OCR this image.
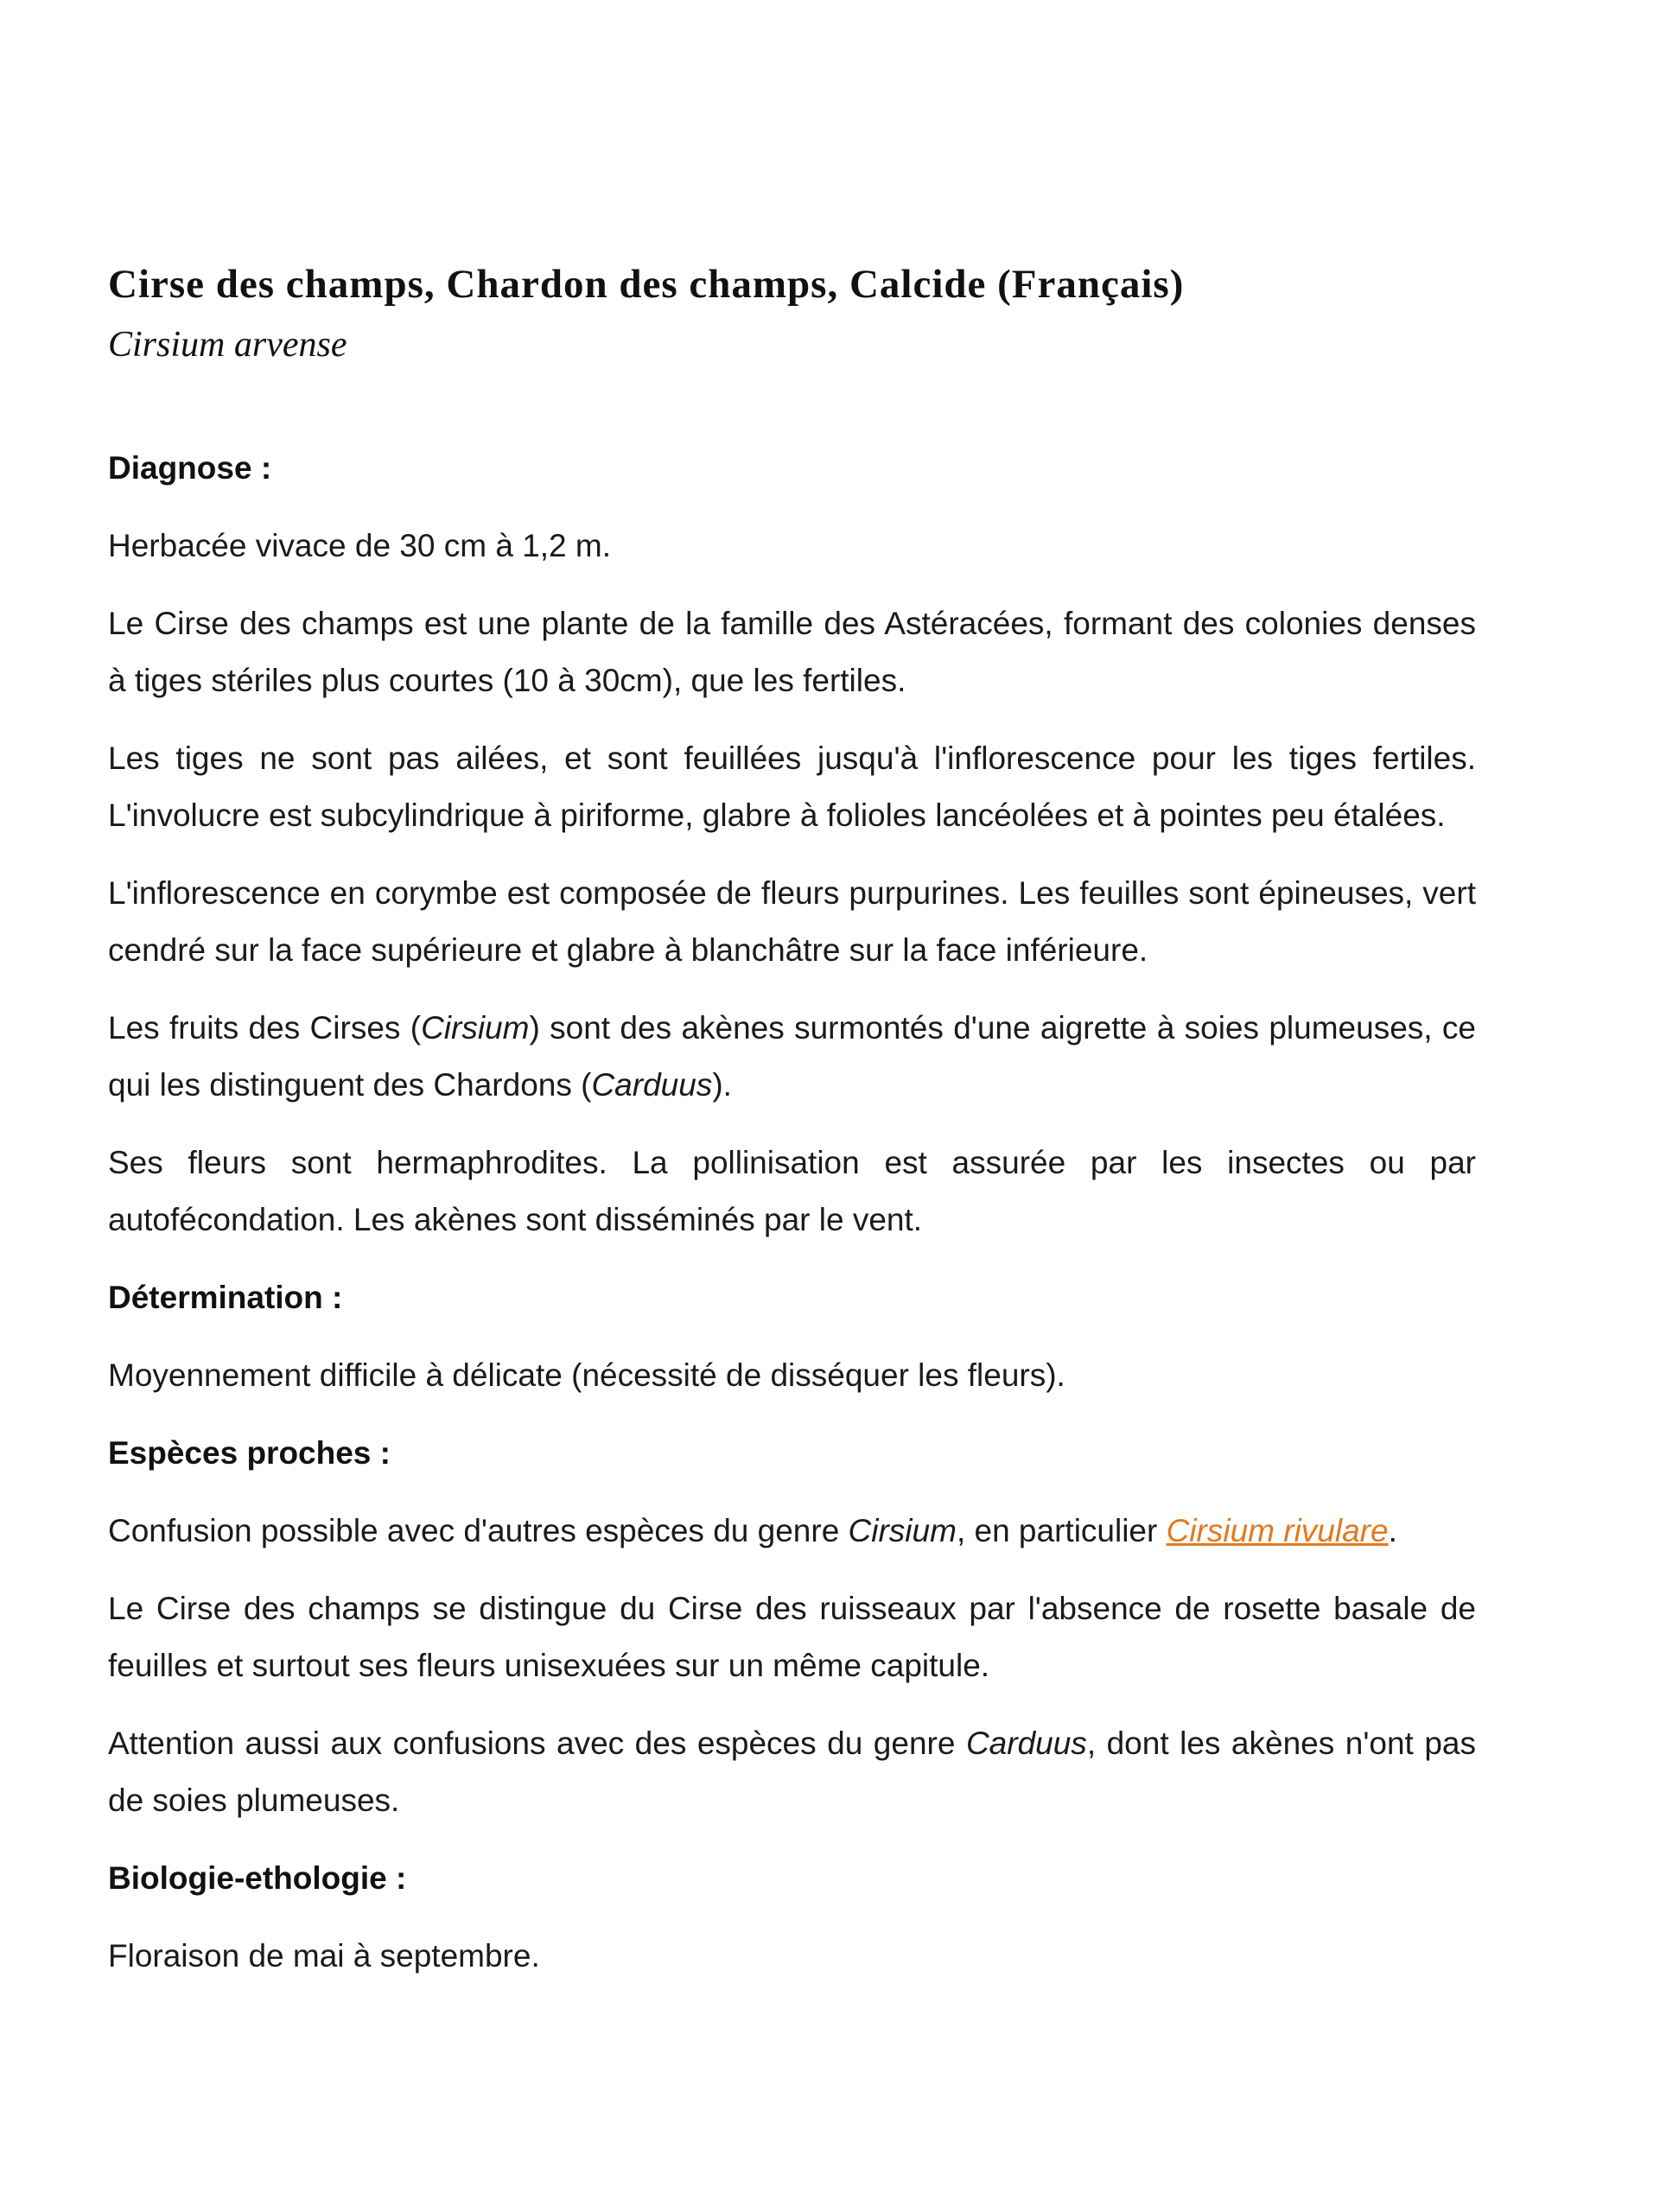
Cirse des champs, Chardon des champs, Calcide (Français)
Cirsium arvense
Diagnose :

Herbacée vivace de 30 cm à 1,2 m.

Le Cirse des champs est une plante de la famille des Astéracées, formant des colonies denses à tiges stériles plus courtes (10 à 30cm), que les fertiles.

Les tiges ne sont pas ailées, et sont feuillées jusqu'à l'inflorescence pour les tiges fertiles. L'involucre est subcylindrique à piriforme, glabre à folioles lancéolées et à pointes peu étalées.

L'inflorescence en corymbe est composée de fleurs purpurines. Les feuilles sont épineuses, vert cendré sur la face supérieure et glabre à blanchâtre sur la face inférieure.

Les fruits des Cirses (Cirsium) sont des akènes surmontés d'une aigrette à soies plumeuses, ce qui les distinguent des Chardons (Carduus).

Ses fleurs sont hermaphrodites. La pollinisation est assurée par les insectes ou par autofécondation. Les akènes sont disséminés par le vent.

Détermination :

Moyennement difficile à délicate (nécessité de disséquer les fleurs).

Espèces proches :

Confusion possible avec d'autres espèces du genre Cirsium, en particulier Cirsium rivulare.

Le Cirse des champs se distingue du Cirse des ruisseaux par l'absence de rosette basale de feuilles et surtout ses fleurs unisexuées sur un même capitule.

Attention aussi aux confusions avec des espèces du genre Carduus, dont les akènes n'ont pas de soies plumeuses.

Biologie-ethologie :

Floraison de mai à septembre.
